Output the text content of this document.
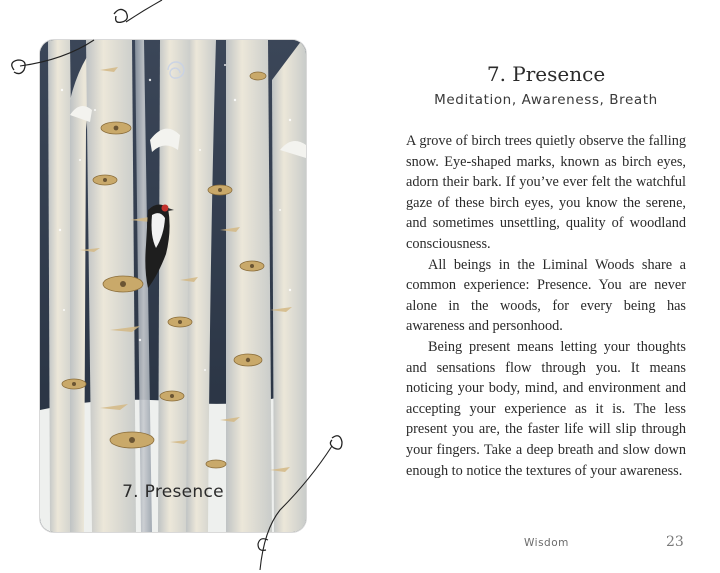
7. Presence
7. Presence
Meditation, Awareness, Breath

A grove of birch trees quietly observe the falling snow. Eye-shaped marks, known as birch eyes, adorn their bark. If you’ve ever felt the watchful gaze of these birch eyes, you know the serene, and sometimes unsettling, quality of woodland consciousness.

All beings in the Liminal Woods share a common experience: Presence. You are never alone in the woods, for every being has awareness and personhood.

Being present means letting your thoughts and sensations flow through you. It means noticing your body, mind, and environment and accepting your experience as it is. The less present you are, the faster life will slip through your fingers. Take a deep breath and slow down enough to notice the textures of your awareness.

Wisdom	23
